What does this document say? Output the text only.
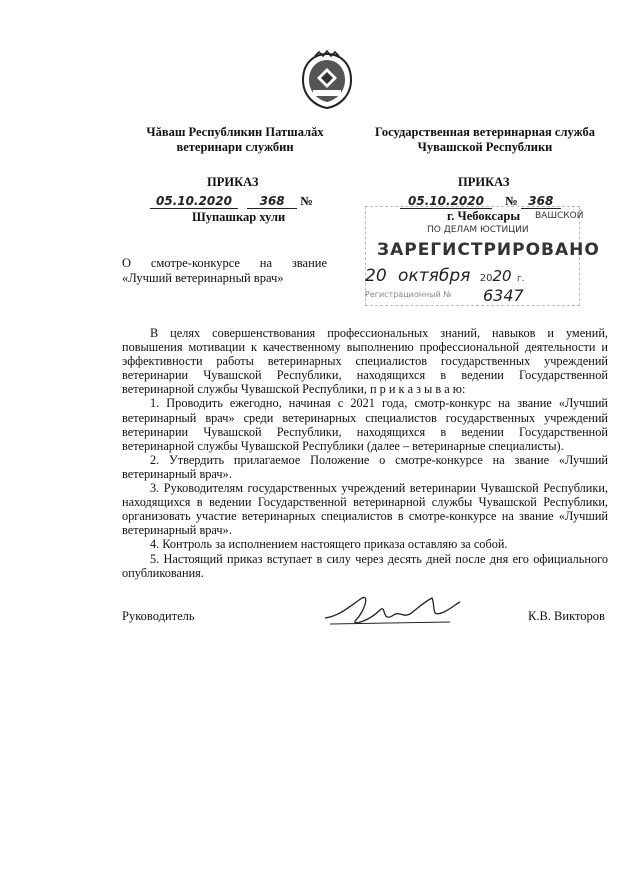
Чăваш Республикин Патшалăх
ветеринари службин
Государственная ветеринарная служба
Чувашской Республики
ПРИКАЗ	ПРИКАЗ
05.10.2020 368 №
Шупашкар хули
05.10.2020 № 368
г. Чебоксары ВАШСКОЙ
ПО ДЕЛАМ ЮСТИЦИИ
ЗАРЕГИСТРИРОВАНО
20 октября 2020 г.
Регистрационный № 6347
О смотре-конкурсе на звание «Лучший ветеринарный врач»

В целях совершенствования профессиональных знаний, навыков и умений, повышения мотивации к качественному выполнению профессиональной деятельности и эффективности работы ветеринарных специалистов государственных учреждений ветеринарии Чувашской Республики, находящихся в ведении Государственной ветеринарной службы Чувашской Республики, п р и к а з ы в а ю:

1. Проводить ежегодно, начиная с 2021 года, смотр-конкурс на звание «Лучший ветеринарный врач» среди ветеринарных специалистов государственных учреждений ветеринарии Чувашской Республики, находящихся в ведении Государственной ветеринарной службы Чувашской Республики (далее – ветеринарные специалисты).

2. Утвердить прилагаемое Положение о смотре-конкурсе на звание «Лучший ветеринарный врач».

3. Руководителям государственных учреждений ветеринарии Чувашской Республики, находящихся в ведении Государственной ветеринарной службы Чувашской Республики, организовать участие ветеринарных специалистов в смотре-конкурсе на звание «Лучший ветеринарный врач».

4. Контроль за исполнением настоящего приказа оставляю за собой.

5. Настоящий приказ вступает в силу через десять дней после дня его официального опубликования.

Руководитель	К.В. Викторов
